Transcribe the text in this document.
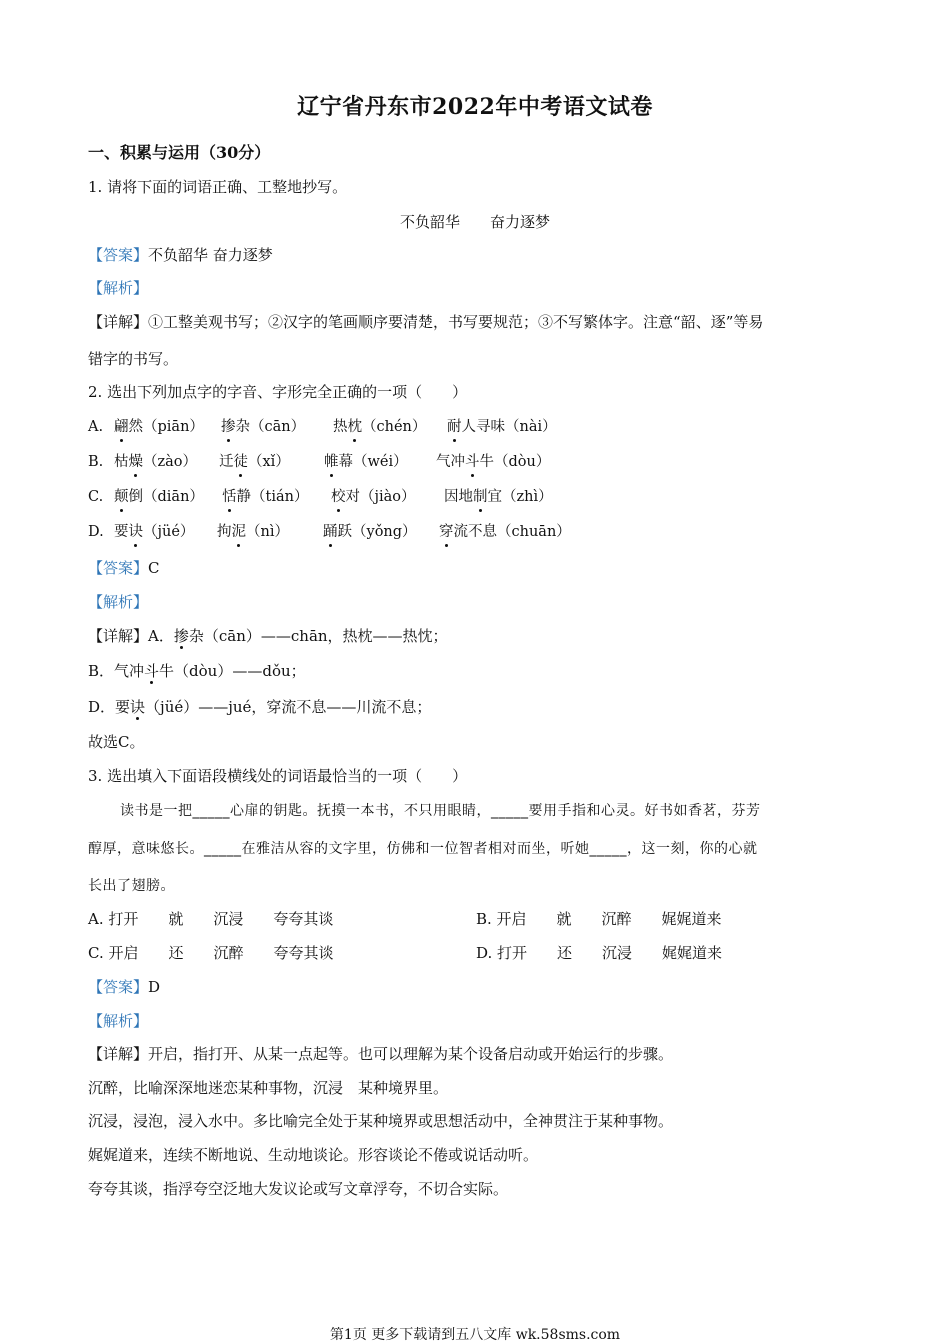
辽宁省丹东市2022年中考语文试卷
一、积累与运用（30分）
1. 请将下面的词语正确、工整地抄写。
不负韶华　　奋力逐梦
【答案】不负韶华 奋力逐梦
【解析】
【详解】①工整美观书写；②汉字的笔画顺序要清楚，书写要规范；③不写繁体字。注意“韶、逐”等易
错字的书写。
2. 选出下列加点字的字音、字形完全正确的一项（　　）
A. 翩然（piān） 掺杂（cān） 热枕（chén） 耐人寻味（nài）
B. 枯燥（zào） 迁徒（xǐ） 帷幕（wéi） 气冲斗牛（dòu）
C. 颠倒（diān） 恬静（tián） 校对（jiào） 因地制宜（zhì）
D. 要诀（jüé） 拘泥（nì） 踊跃（yǒng） 穿流不息（chuān）
【答案】C
【解析】
【详解】A．掺杂（cān）——chān，热枕——热忱；
B．气冲斗牛（dòu）——dǒu；
D．要诀（jüé）——jué，穿流不息——川流不息；
故选C。
3. 选出填入下面语段横线处的词语最恰当的一项（　　）
读书是一把_____心扉的钥匙。抚摸一本书，不只用眼睛，_____要用手指和心灵。好书如香茗，芬芳
醇厚，意味悠长。_____在雅洁从容的文字里，仿佛和一位智者相对而坐，听她_____，这一刻，你的心就
长出了翅膀。
A. 打开　　就　　沉浸　　夸夸其谈	B. 开启　　就　　沉醉　　娓娓道来
C. 开启　　还　　沉醉　　夸夸其谈	D. 打开　　还　　沉浸　　娓娓道来
【答案】D
【解析】
【详解】开启，指打开、从某一点起等。也可以理解为某个设备启动或开始运行的步骤。
沉醉，比喻深深地迷恋某种事物，沉浸　某种境界里。
沉浸，浸泡，浸入水中。多比喻完全处于某种境界或思想活动中，全神贯注于某种事物。
娓娓道来，连续不断地说、生动地谈论。形容谈论不倦或说话动听。
夸夸其谈，指浮夸空泛地大发议论或写文章浮夸，不切合实际。
第1页 更多下载请到五八文库 wk.58sms.com
